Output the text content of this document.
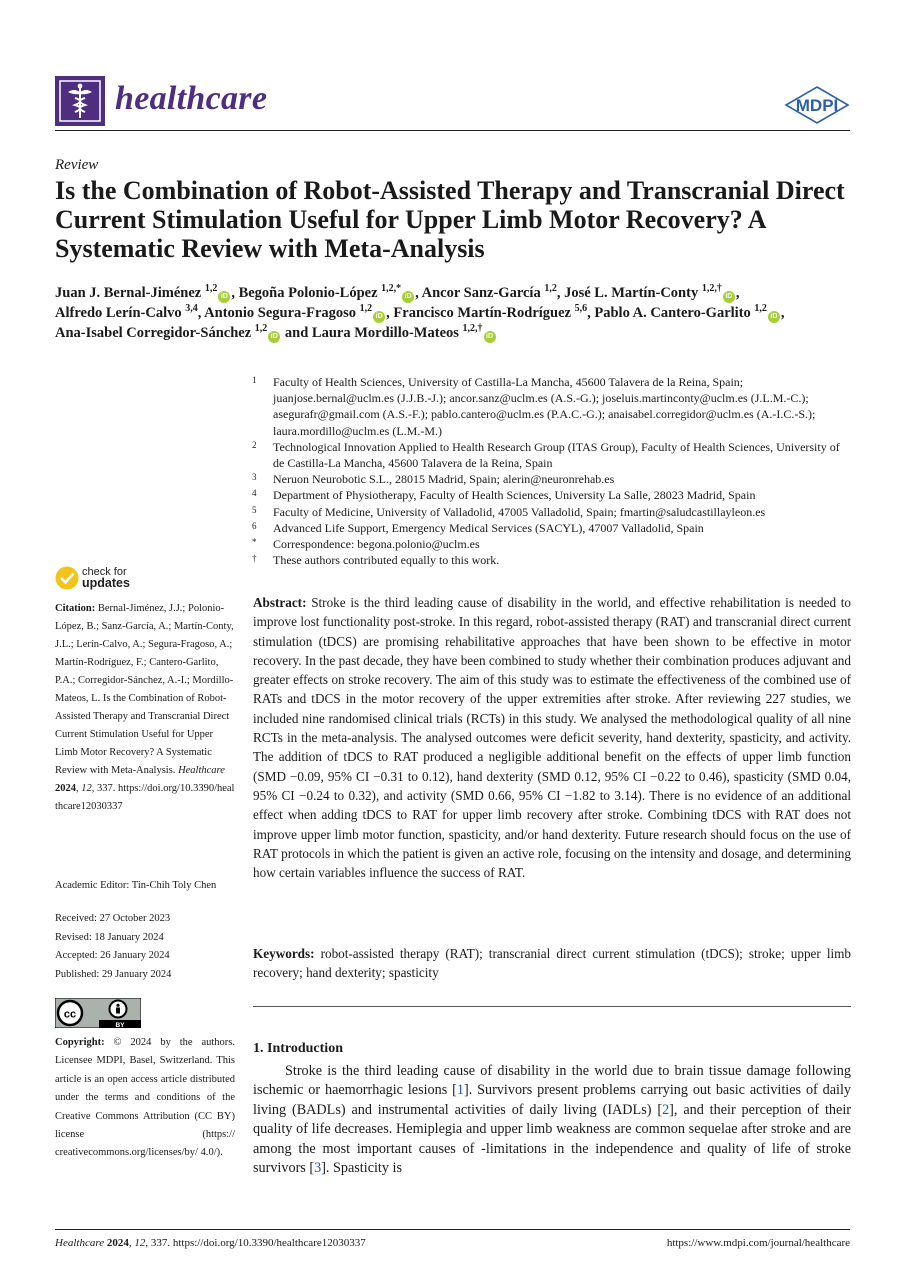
healthcare	MDPI
Review
Is the Combination of Robot-Assisted Therapy and Transcranial Direct Current Stimulation Useful for Upper Limb Motor Recovery? A Systematic Review with Meta-Analysis
Juan J. Bernal-Jiménez $^{1,2}$iD , Begoña Polonio-López $^{1,2,*}$iD , Ancor Sanz-García $^{1,2}$, José L. Martín-Conty $^{1,2,\dagger}$iD ,
Alfredo Lerín-Calvo $^{3,4}$, Antonio Segura-Fragoso $^{1,2}$iD , Francisco Martín-Rodríguez $^{5,6}$, Pablo A. Cantero-Garlito $^{1,2}$iD ,
Ana-Isabel Corregidor-Sánchez $^{1,2}$iD and Laura Mordillo-Mateos $^{1,2,\dagger}$iD
1	Faculty of Health Sciences, University of Castilla-La Mancha, 45600 Talavera de la Reina, Spain; juanjose.bernal@uclm.es (J.J.B.-J.); ancor.sanz@uclm.es (A.S.-G.); joseluis.martinconty@uclm.es (J.L.M.-C.); asegurafr@gmail.com (A.S.-F.); pablo.cantero@uclm.es (P.A.C.-G.); anaisabel.corregidor@uclm.es (A.-I.C.-S.); laura.mordillo@uclm.es (L.M.-M.)
2	Technological Innovation Applied to Health Research Group (ITAS Group), Faculty of Health Sciences, University of de Castilla-La Mancha, 45600 Talavera de la Reina, Spain
3	Neruon Neurobotic S.L., 28015 Madrid, Spain; alerin@neuronrehab.es
4	Department of Physiotherapy, Faculty of Health Sciences, University La Salle, 28023 Madrid, Spain
5	Faculty of Medicine, University of Valladolid, 47005 Valladolid, Spain; fmartin@saludcastillayleon.es
6	Advanced Life Support, Emergency Medical Services (SACYL), 47007 Valladolid, Spain
*	Correspondence: begona.polonio@uclm.es
†	These authors contributed equally to this work.
check for
updates
Citation: Bernal-Jiménez, J.J.; Polonio-López, B.; Sanz-García, A.; Martín-Conty, J.L.; Lerín-Calvo, A.; Segura-Fragoso, A.; Martín-Rodríguez, F.; Cantero-Garlito, P.A.; Corregidor-Sánchez, A.-I.; Mordillo-Mateos, L. Is the Combination of Robot-Assisted Therapy and Transcranial Direct Current Stimulation Useful for Upper Limb Motor Recovery? A Systematic Review with Meta-Analysis. Healthcare 2024, 12, 337. https://doi.org/10.3390/healthcare12030337
Academic Editor: Tin-Chih Toly Chen
Received: 27 October 2023
Revised: 18 January 2024
Accepted: 26 January 2024
Published: 29 January 2024
cc
BY
Copyright: © 2024 by the authors. Licensee MDPI, Basel, Switzerland. This article is an open access article distributed under the terms and conditions of the Creative Commons Attribution (CC BY) license (https:// creativecommons.org/licenses/by/ 4.0/).
Abstract: Stroke is the third leading cause of disability in the world, and effective rehabilitation is needed to improve lost functionality post-stroke. In this regard, robot-assisted therapy (RAT) and transcranial direct current stimulation (tDCS) are promising rehabilitative approaches that have been shown to be effective in motor recovery. In the past decade, they have been combined to study whether their combination produces adjuvant and greater effects on stroke recovery. The aim of this study was to estimate the effectiveness of the combined use of RATs and tDCS in the motor recovery of the upper extremities after stroke. After reviewing 227 studies, we included nine randomised clinical trials (RCTs) in this study. We analysed the methodological quality of all nine RCTs in the meta-analysis. The analysed outcomes were deficit severity, hand dexterity, spasticity, and activity. The addition of tDCS to RAT produced a negligible additional benefit on the effects of upper limb function (SMD −0.09, 95% CI −0.31 to 0.12), hand dexterity (SMD 0.12, 95% CI −0.22 to 0.46), spasticity (SMD 0.04, 95% CI −0.24 to 0.32), and activity (SMD 0.66, 95% CI −1.82 to 3.14). There is no evidence of an additional effect when adding tDCS to RAT for upper limb recovery after stroke. Combining tDCS with RAT does not improve upper limb motor function, spasticity, and/or hand dexterity. Future research should focus on the use of RAT protocols in which the patient is given an active role, focusing on the intensity and dosage, and determining how certain variables influence the success of RAT.
Keywords: robot-assisted therapy (RAT); transcranial direct current stimulation (tDCS); stroke; upper limb recovery; hand dexterity; spasticity
1. Introduction
Stroke is the third leading cause of disability in the world due to brain tissue damage following ischemic or haemorrhagic lesions [1]. Survivors present problems carrying out basic activities of daily living (BADLs) and instrumental activities of daily living (IADLs) [2], and their perception of their quality of life decreases. Hemiplegia and upper limb weakness are common sequelae after stroke and are among the most important causes of -limitations in the independence and quality of life of stroke survivors [3]. Spasticity is
Healthcare 2024, 12, 337. https://doi.org/10.3390/healthcare12030337	https://www.mdpi.com/journal/healthcare
